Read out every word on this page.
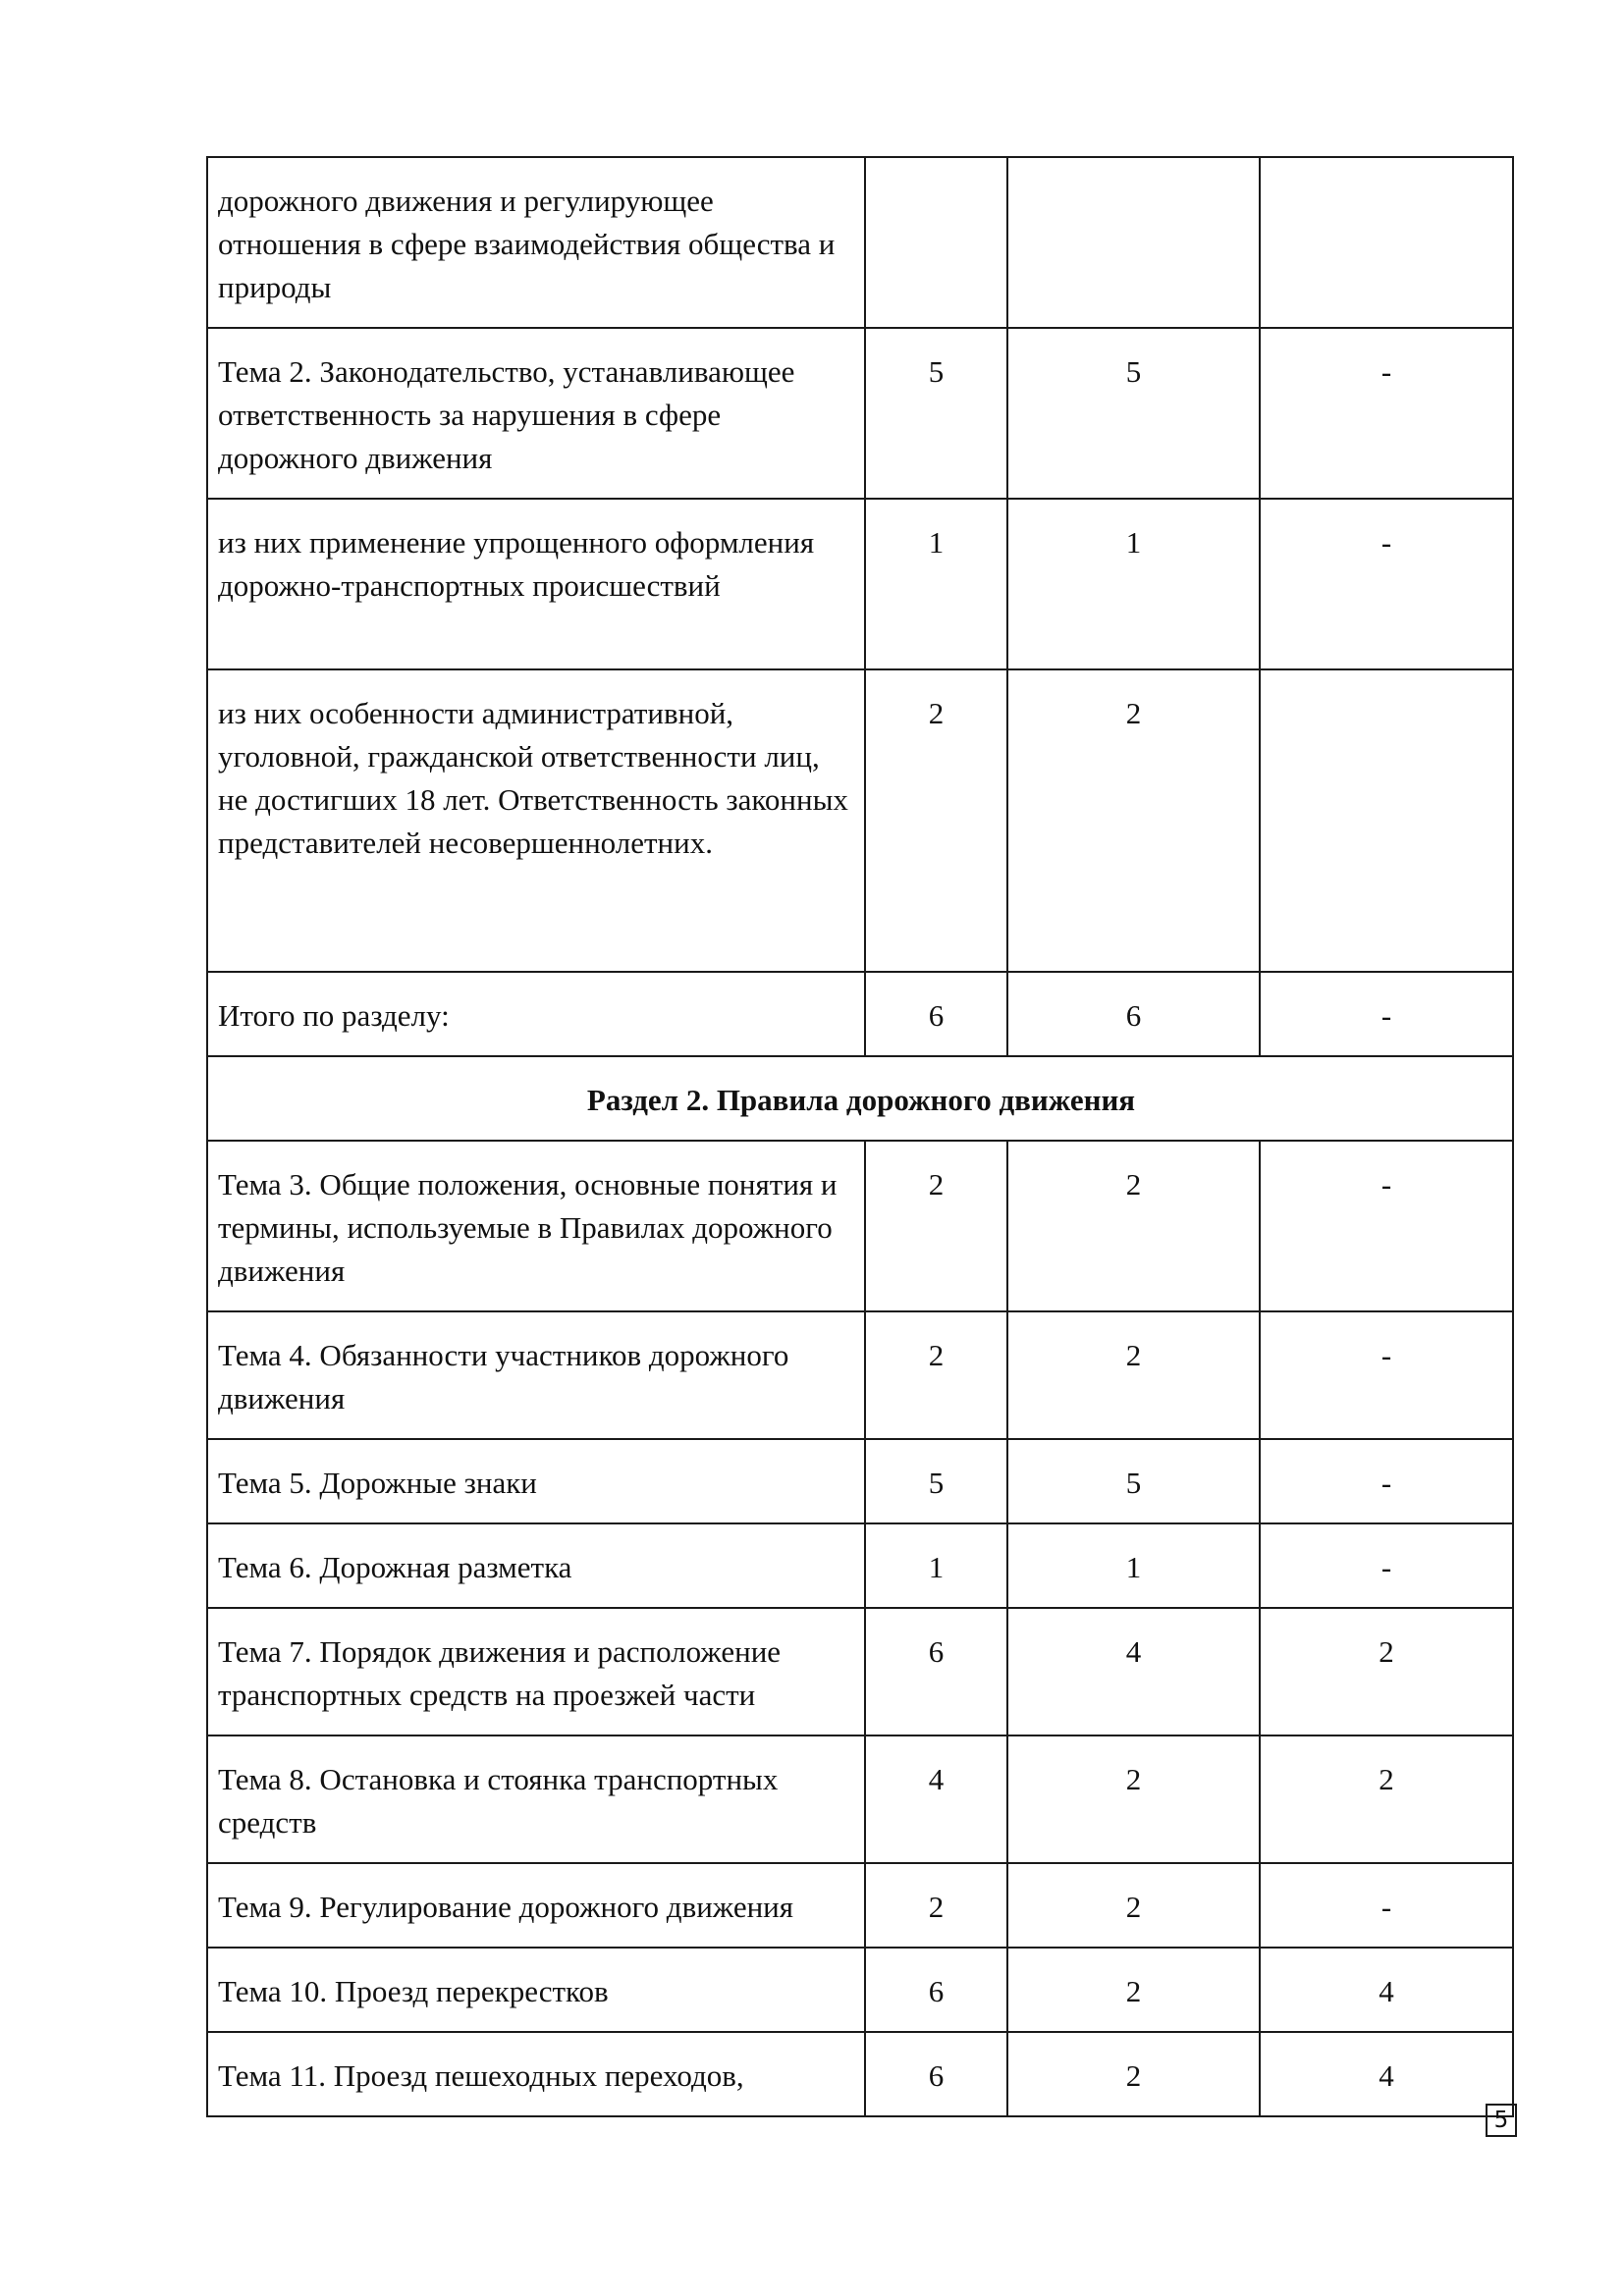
дорожного движения и регулирующее отношения в сфере взаимодействия общества и природы			
Тема 2. Законодательство, устанавливающее ответственность за нарушения в сфере дорожного движения	5	5	-
из них применение упрощенного оформления дорожно-транспортных происшествий	1	1	-
из них особенности административной, уголовной, гражданской ответственности лиц, не достигших 18 лет. Ответственность законных представителей несовершеннолетних.	2	2	
Итого по разделу:	6	6	-
Раздел 2. Правила дорожного движения			
Тема 3. Общие положения, основные понятия и термины, используемые в Правилах дорожного движения	2	2	-
Тема 4. Обязанности участников дорожного движения	2	2	-
Тема 5. Дорожные знаки	5	5	-
Тема 6. Дорожная разметка	1	1	-
Тема 7. Порядок движения и расположение транспортных средств на проезжей части	6	4	2
Тема 8. Остановка и стоянка транспортных средств	4	2	2
Тема 9. Регулирование дорожного движения	2	2	-
Тема 10. Проезд перекрестков	6	2	4
Тема 11. Проезд пешеходных переходов,	6	2	4
5
